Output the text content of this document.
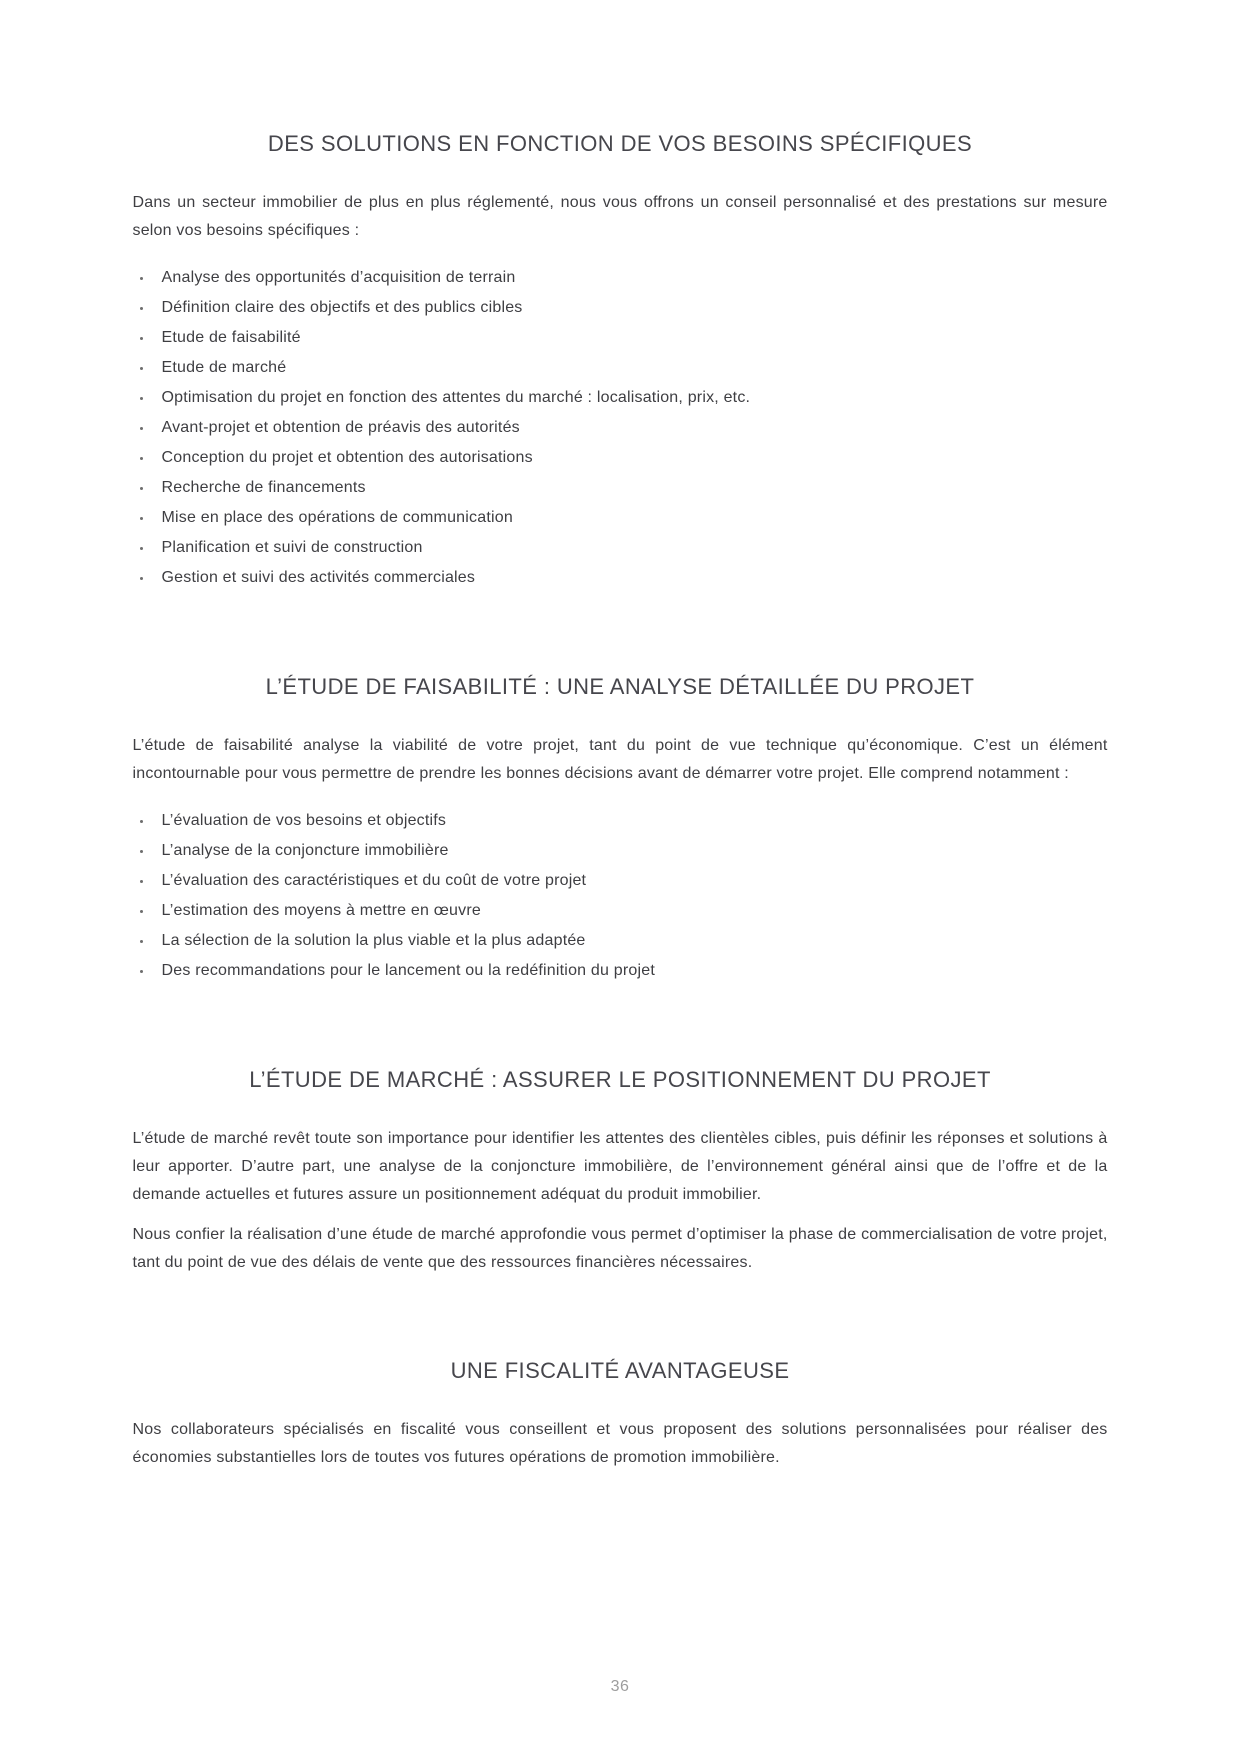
DES SOLUTIONS EN FONCTION DE VOS BESOINS SPÉCIFIQUES

Dans un secteur immobilier de plus en plus réglementé, nous vous offrons un conseil personnalisé et des prestations sur mesure selon vos besoins spécifiques :

Analyse des opportunités d’acquisition de terrain
Définition claire des objectifs et des publics cibles
Etude de faisabilité
Etude de marché
Optimisation du projet en fonction des attentes du marché : localisation, prix, etc.
Avant-projet et obtention de préavis des autorités
Conception du projet et obtention des autorisations
Recherche de financements
Mise en place des opérations de communication
Planification et suivi de construction
Gestion et suivi des activités commerciales
L’ÉTUDE DE FAISABILITÉ : UNE ANALYSE DÉTAILLÉE DU PROJET

L’étude de faisabilité analyse la viabilité de votre projet, tant du point de vue technique qu’économique. C’est un élément incontournable pour vous permettre de prendre les bonnes décisions avant de démarrer votre projet. Elle comprend notamment :

L’évaluation de vos besoins et objectifs
L’analyse de la conjoncture immobilière
L’évaluation des caractéristiques et du coût de votre projet
L’estimation des moyens à mettre en œuvre
La sélection de la solution la plus viable et la plus adaptée
Des recommandations pour le lancement ou la redéfinition du projet
L’ÉTUDE DE MARCHÉ : ASSURER LE POSITIONNEMENT DU PROJET

L’étude de marché revêt toute son importance pour identifier les attentes des clientèles cibles, puis définir les réponses et solutions à leur apporter. D’autre part, une analyse de la conjoncture immobilière, de l’environnement général ainsi que de l’offre et de la demande actuelles et futures assure un positionnement adéquat du produit immobilier.

Nous confier la réalisation d’une étude de marché approfondie vous permet d’optimiser la phase de commercialisation de votre projet, tant du point de vue des délais de vente que des ressources financières nécessaires.

UNE FISCALITÉ AVANTAGEUSE

Nos collaborateurs spécialisés en fiscalité vous conseillent et vous proposent des solutions personnalisées pour réaliser des économies substantielles lors de toutes vos futures opérations de promotion immobilière.

36
